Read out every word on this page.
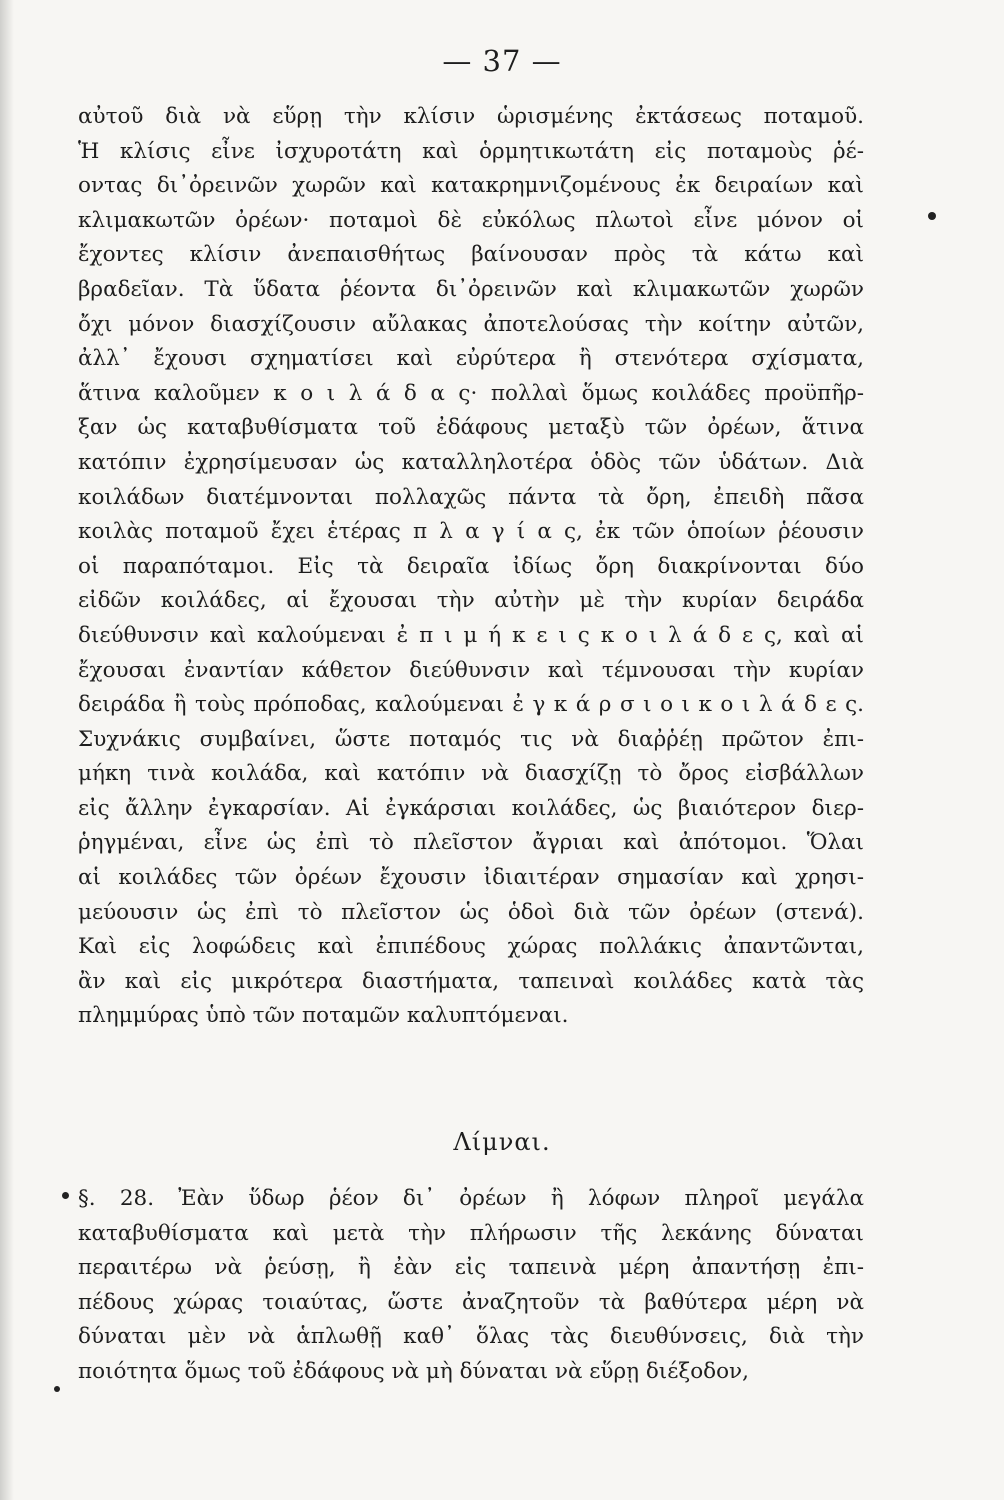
— 37 —
αὐτοῦ διὰ νὰ εὕρῃ τὴν κλίσιν ὡρισμένης ἐκτάσεως ποταμοῦ.
Ἡ κλίσις εἶνε ἰσχυροτάτη καὶ ὁρμητικωτάτη εἰς ποταμοὺς ῥέ-
οντας δι᾽ὀρεινῶν χωρῶν καὶ κατακρημνιζομένους ἐκ δειραίων καὶ
κλιμακωτῶν ὀρέων· ποταμοὶ δὲ εὐκόλως πλωτοὶ εἶνε μόνον οἱ
ἔχοντες κλίσιν ἀνεπαισθήτως βαίνουσαν πρὸς τὰ κάτω καὶ
βραδεῖαν. Τὰ ὕδατα ῥέοντα δι᾽ὀρεινῶν καὶ κλιμακωτῶν χωρῶν
ὄχι μόνον διασχίζουσιν αὔλακας ἀποτελούσας τὴν κοίτην αὐτῶν,
ἀλλ᾽ ἔχουσι σχηματίσει καὶ εὐρύτερα ἢ στενότερα σχίσματα,
ἅτινα καλοῦμεν κ ο ι λ ά δ α ς· πολλαὶ ὅμως κοιλάδες προϋπῆρ-
ξαν ὡς καταβυθίσματα τοῦ ἐδάφους μεταξὺ τῶν ὀρέων, ἅτινα
κατόπιν ἐχρησίμευσαν ὡς καταλληλοτέρα ὁδὸς τῶν ὑδάτων. Διὰ
κοιλάδων διατέμνονται πολλαχῶς πάντα τὰ ὄρη, ἐπειδὴ πᾶσα
κοιλὰς ποταμοῦ ἔχει ἑτέρας π λ α γ ί α ς, ἐκ τῶν ὁποίων ῥέουσιν
οἱ παραπόταμοι. Εἰς τὰ δειραῖα ἰδίως ὄρη διακρίνονται δύο
εἰδῶν κοιλάδες, αἱ ἔχουσαι τὴν αὐτὴν μὲ τὴν κυρίαν δειράδα
διεύθυνσιν καὶ καλούμεναι ἐ π ι μ ή κ ε ι ς κ ο ι λ ά δ ε ς, καὶ αἱ
ἔχουσαι ἐναντίαν κάθετον διεύθυνσιν καὶ τέμνουσαι τὴν κυρίαν
δειράδα ἢ τοὺς πρόποδας, καλούμεναι ἐ γ κ ά ρ σ ι ο ι κ ο ι λ ά δ ε ς.
Συχνάκις συμβαίνει, ὥστε ποταμός τις νὰ διαῤῥέῃ πρῶτον ἐπι-
μήκη τινὰ κοιλάδα, καὶ κατόπιν νὰ διασχίζῃ τὸ ὄρος εἰσβάλλων
εἰς ἄλλην ἐγκαρσίαν. Αἱ ἐγκάρσιαι κοιλάδες, ὡς βιαιότερον διερ-
ῥηγμέναι, εἶνε ὡς ἐπὶ τὸ πλεῖστον ἄγριαι καὶ ἀπότομοι. Ὅλαι
αἱ κοιλάδες τῶν ὀρέων ἔχουσιν ἰδιαιτέραν σημασίαν καὶ χρησι-
μεύουσιν ὡς ἐπὶ τὸ πλεῖστον ὡς ὁδοὶ διὰ τῶν ὀρέων (στενά).
Καὶ εἰς λοφώδεις καὶ ἐπιπέδους χώρας πολλάκις ἀπαντῶνται,
ἂν καὶ εἰς μικρότερα διαστήματα, ταπειναὶ κοιλάδες κατὰ τὰς
πλημμύρας ὑπὸ τῶν ποταμῶν καλυπτόμεναι.
Λίμναι.
§. 28. Ἐὰν ὕδωρ ῥέον δι᾽ ὀρέων ἢ λόφων πληροῖ μεγάλα
καταβυθίσματα καὶ μετὰ τὴν πλήρωσιν τῆς λεκάνης δύναται
περαιτέρω νὰ ῥεύσῃ, ἢ ἐὰν εἰς ταπεινὰ μέρη ἀπαντήσῃ ἐπι-
πέδους χώρας τοιαύτας, ὥστε ἀναζητοῦν τὰ βαθύτερα μέρη νὰ
δύναται μὲν νὰ ἁπλωθῇ καθ᾽ ὅλας τὰς διευθύνσεις, διὰ τὴν
ποιότητα ὅμως τοῦ ἐδάφους νὰ μὴ δύναται νὰ εὕρῃ διέξοδον,
